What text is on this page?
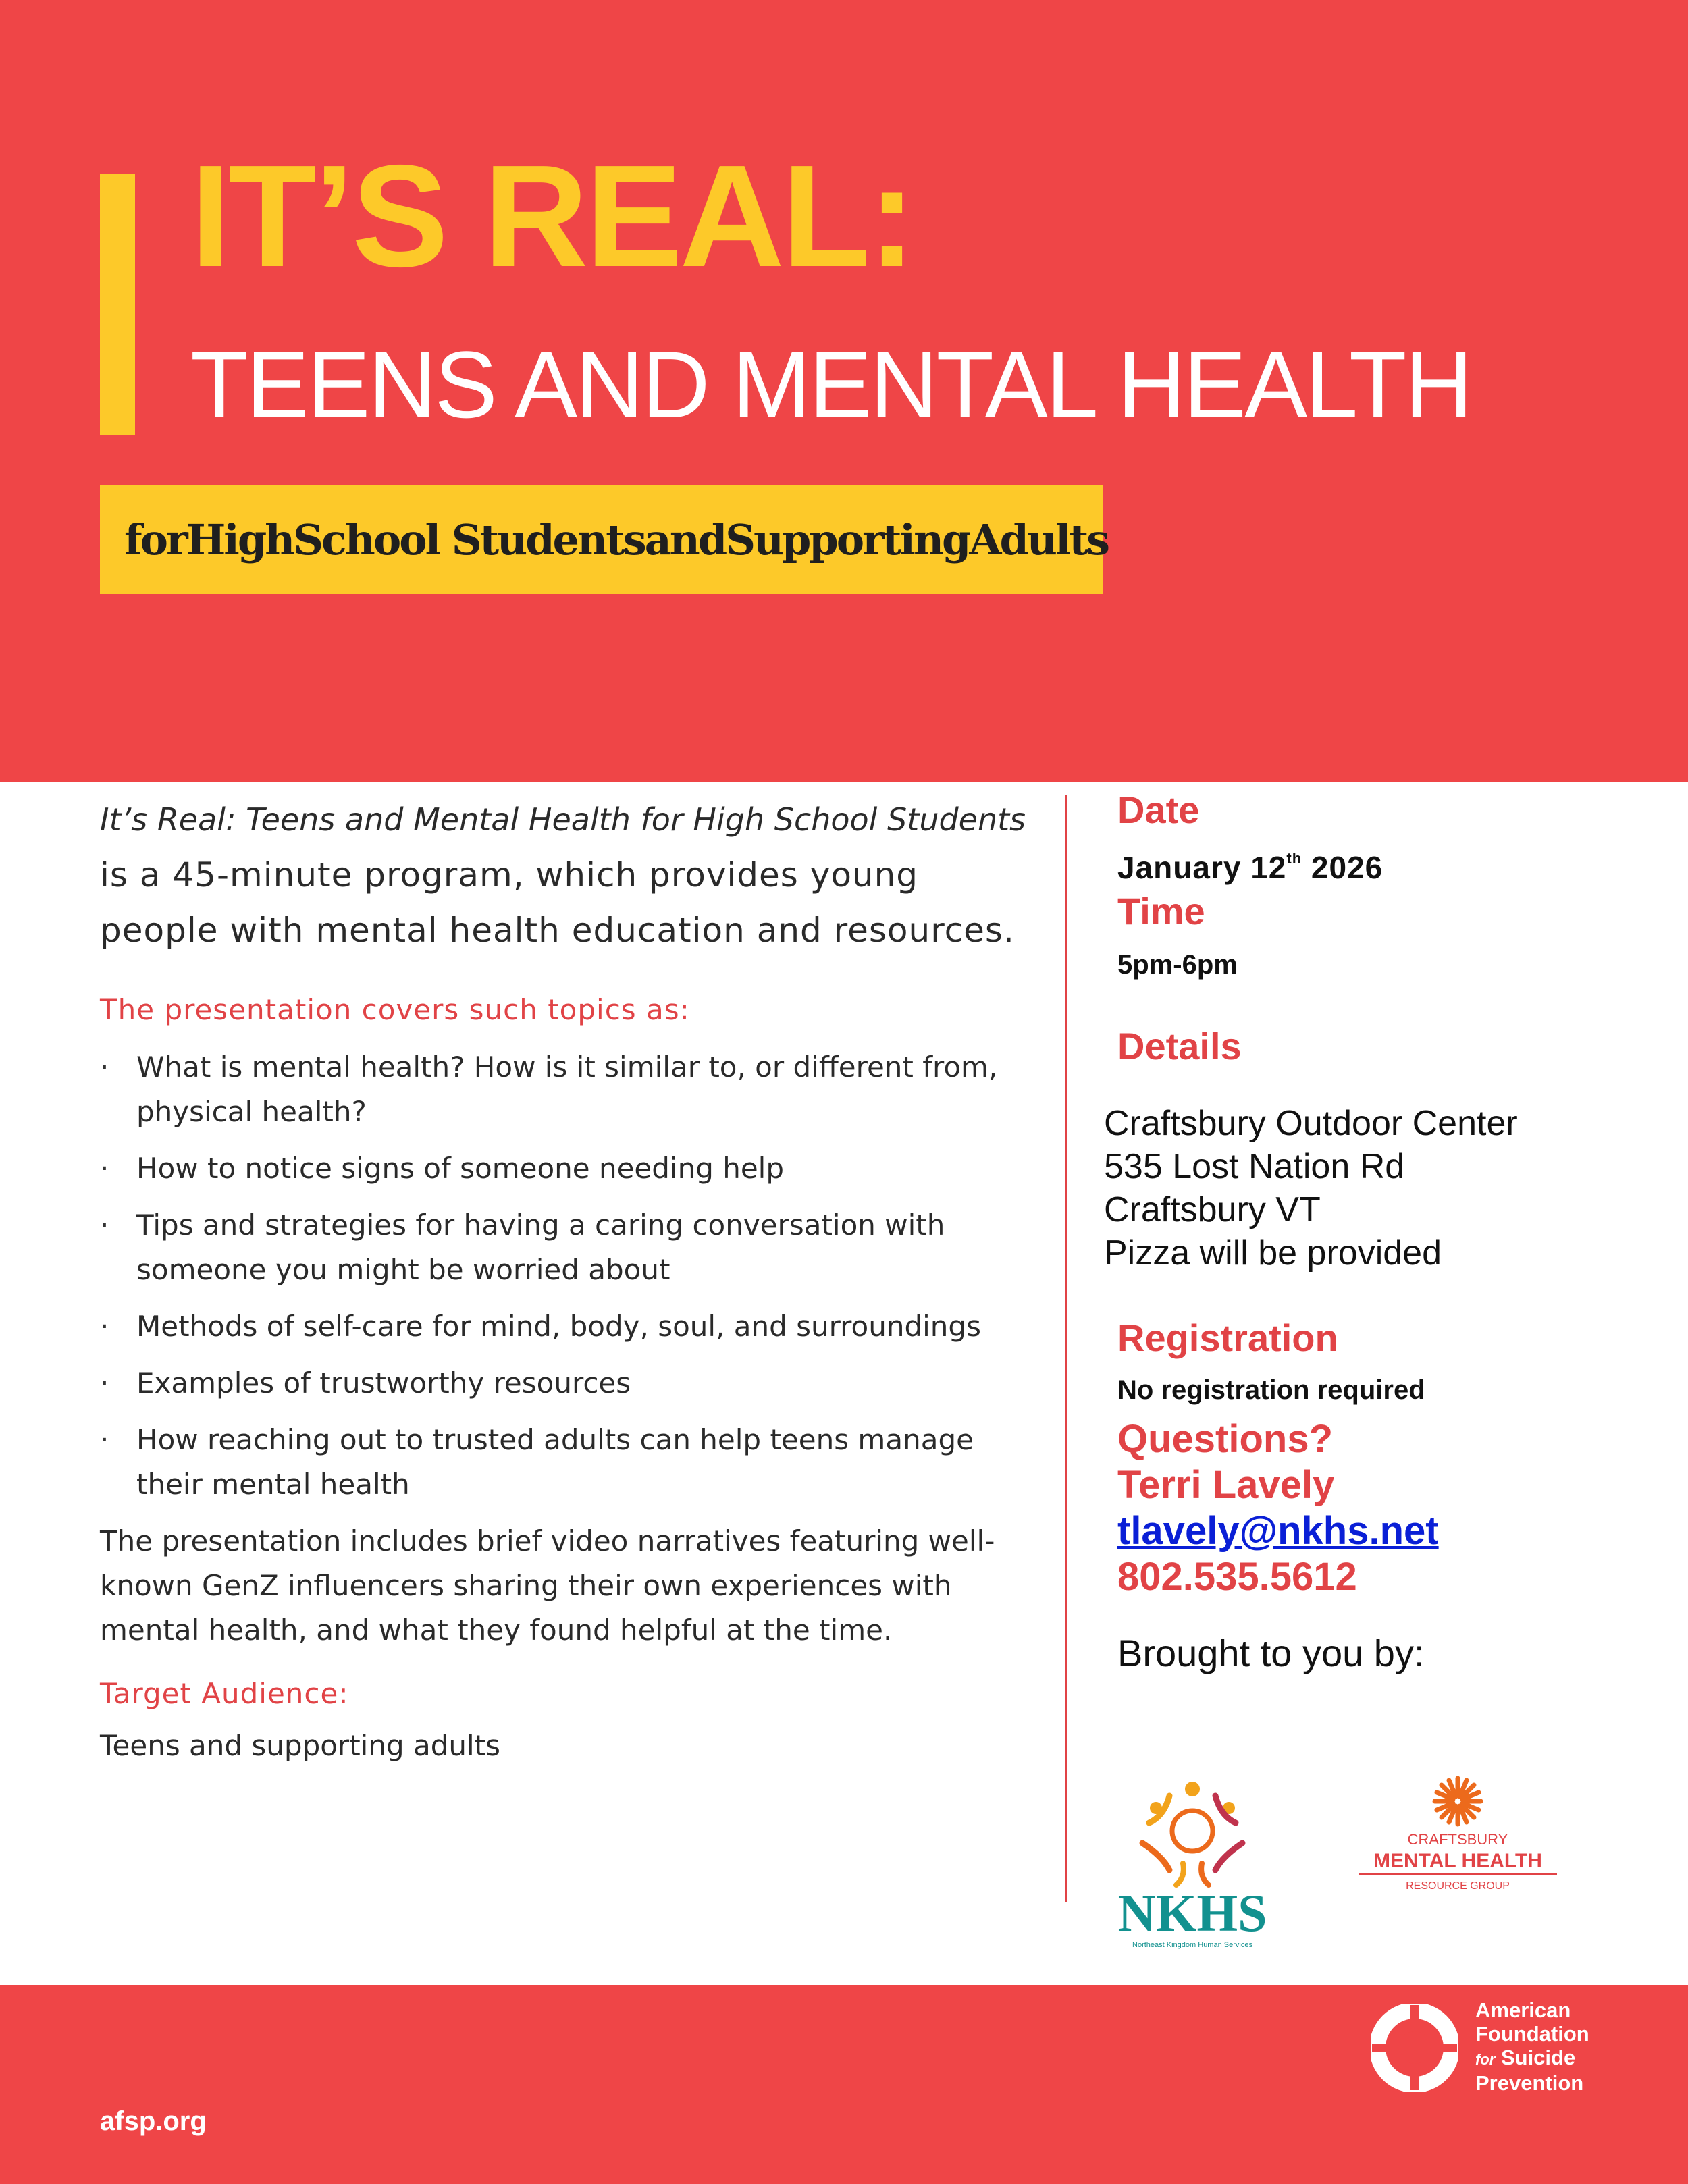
IT’S REAL:
TEENS AND MENTAL HEALTH
forHighSchool StudentsandSupportingAdults

It’s Real: Teens and Mental Health for High School Students is a 45-minute program, which provides young people with mental health education and resources.

The presentation covers such topics as:

· What is mental health? How is it similar to, or different from, physical health?
· How to notice signs of someone needing help
· Tips and strategies for having a caring conversation with someone you might be worried about
· Methods of self-care for mind, body, soul, and surroundings
· Examples of trustworthy resources
· How reaching out to trusted adults can help teens manage their mental health

The presentation includes brief video narratives featuring well-known GenZ influencers sharing their own experiences with mental health, and what they found helpful at the time.

Target Audience:

Teens and supporting adults

Date

January 12th 2026

Time

5pm-6pm

Details

Craftsbury Outdoor Center
535 Lost Nation Rd
Craftsbury VT
Pizza will be provided

Registration

No registration required

Questions?
Terri Lavely
tlavely@nkhs.net
802.535.5612

Brought to you by:

NKHS
Northeast Kingdom Human Services
CRAFTSBURY
MENTAL HEALTH
RESOURCE GROUP

afsp.org

American
Foundation
for Suicide
Prevention
